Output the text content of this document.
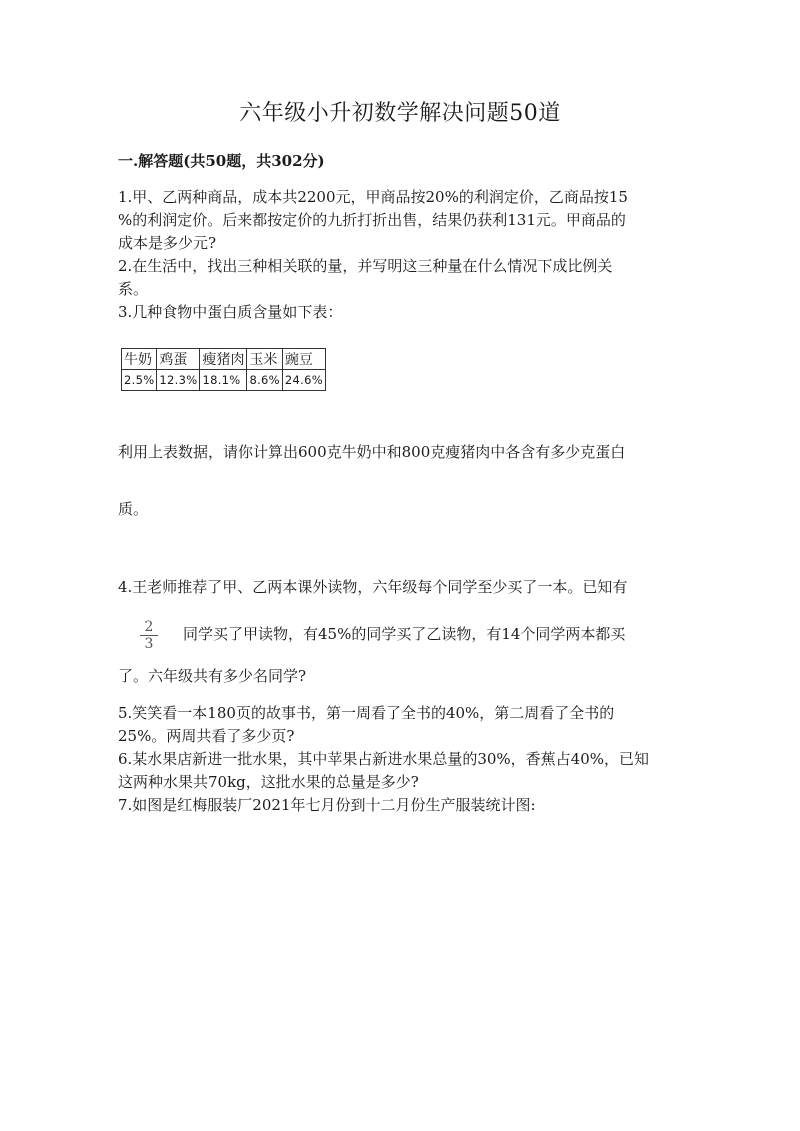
六年级小升初数学解决问题50道
一.解答题(共50题，共302分)
1.甲、乙两种商品，成本共2200元，甲商品按20%的利润定价，乙商品按15
%的利润定价。后来都按定价的九折打折出售，结果仍获利131元。甲商品的
成本是多少元?
2.在生活中，找出三种相关联的量，并写明这三种量在什么情况下成比例关
系。
3.几种食物中蛋白质含量如下表：
牛奶	鸡蛋	瘦猪肉	玉米	豌豆
2.5%	12.3%	18.1%	8.6%	24.6%
利用上表数据，请你计算出600克牛奶中和800克瘦猪肉中各含有多少克蛋白
质。
4.王老师推荐了甲、乙两本课外读物，六年级每个同学至少买了一本。已知有
2
3
同学买了甲读物，有45%的同学买了乙读物，有14个同学两本都买
了。六年级共有多少名同学?
5.笑笑看一本180页的故事书，第一周看了全书的40%，第二周看了全书的
25%。两周共看了多少页?
6.某水果店新进一批水果，其中苹果占新进水果总量的30%，香蕉占40%，已知
这两种水果共70kg，这批水果的总量是多少?
7.如图是红梅服装厂2021年七月份到十二月份生产服装统计图:
